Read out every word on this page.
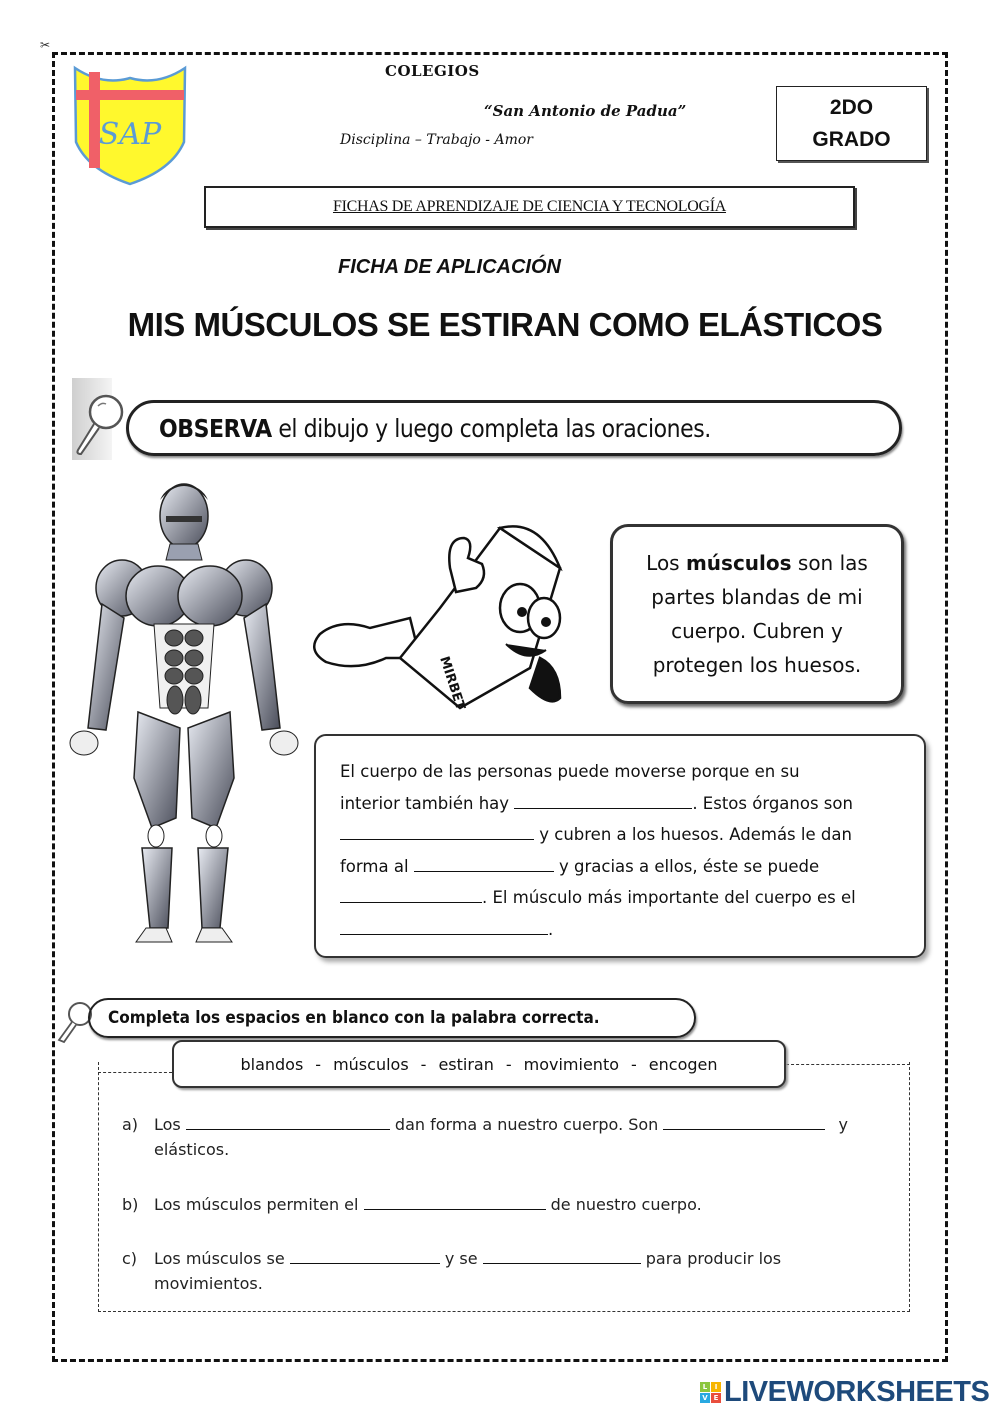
✂
SAP
COLEGIOS
“San Antonio de Padua”
Disciplina – Trabajo - Amor
2DO
GRADO
FICHAS DE APRENDIZAJE DE CIENCIA Y TECNOLOGÍA
FICHA DE APLICACIÓN
MIS MÚSCULOS SE ESTIRAN COMO ELÁSTICOS
OBSERVA el dibujo y luego completa las oraciones.
MIRBET
Los músculos son las partes blandas de mi cuerpo. Cubren y protegen los huesos.
El cuerpo de las personas puede moverse porque en su
interior también hay	. Estos órganos son
y cubren a los huesos. Además le dan
forma al	y gracias a ellos, éste se puede
. El músculo más importante del cuerpo es el
.
Completa los espacios en blanco con la palabra correcta.
blandos - músculos - estiran - movimiento - encogen
a) Los	dan forma a nuestro cuerpo. Son	y
elásticos.
b) Los músculos permiten el	de nuestro cuerpo.
c) Los músculos se	y se	para producir los
movimientos.
L	I
V E LIVEWORKSHEETS
